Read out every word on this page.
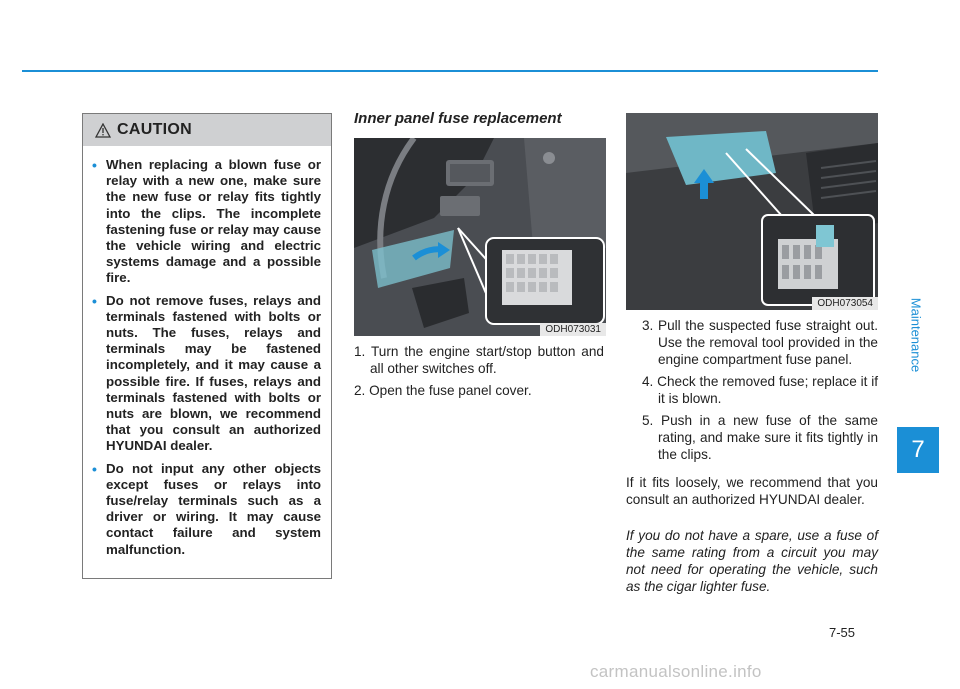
CAUTION
• When replacing a blown fuse or relay with a new one, make sure the new fuse or relay fits tightly into the clips. The incomplete fastening fuse or relay may cause the vehicle wiring and electric systems damage and a possible fire.
• Do not remove fuses, relays and terminals fastened with bolts or nuts. The fuses, relays and terminals may be fastened incompletely, and it may cause a possible fire. If fuses, relays and terminals fastened with bolts or nuts are blown, we recommend that you consult an authorized HYUNDAI dealer.
• Do not input any other objects except fuses or relays into fuse/relay terminals such as a driver or wiring. It may cause contact failure and system malfunction.
Inner panel fuse replacement
ODH073031
1. Turn the engine start/stop button and all other switches off.
2. Open the fuse panel cover.
ODH073054
3. Pull the suspected fuse straight out. Use the removal tool provided in the engine compartment fuse panel.
4. Check the removed fuse; replace it if it is blown.
5. Push in a new fuse of the same rating, and make sure it fits tightly in the clips.

If it fits loosely, we recommend that you consult an authorized HYUNDAI dealer.

If you do not have a spare, use a fuse of the same rating from a circuit you may not need for operating the vehicle, such as the cigar lighter fuse.

Maintenance
7
7-55
carmanualsonline.info
